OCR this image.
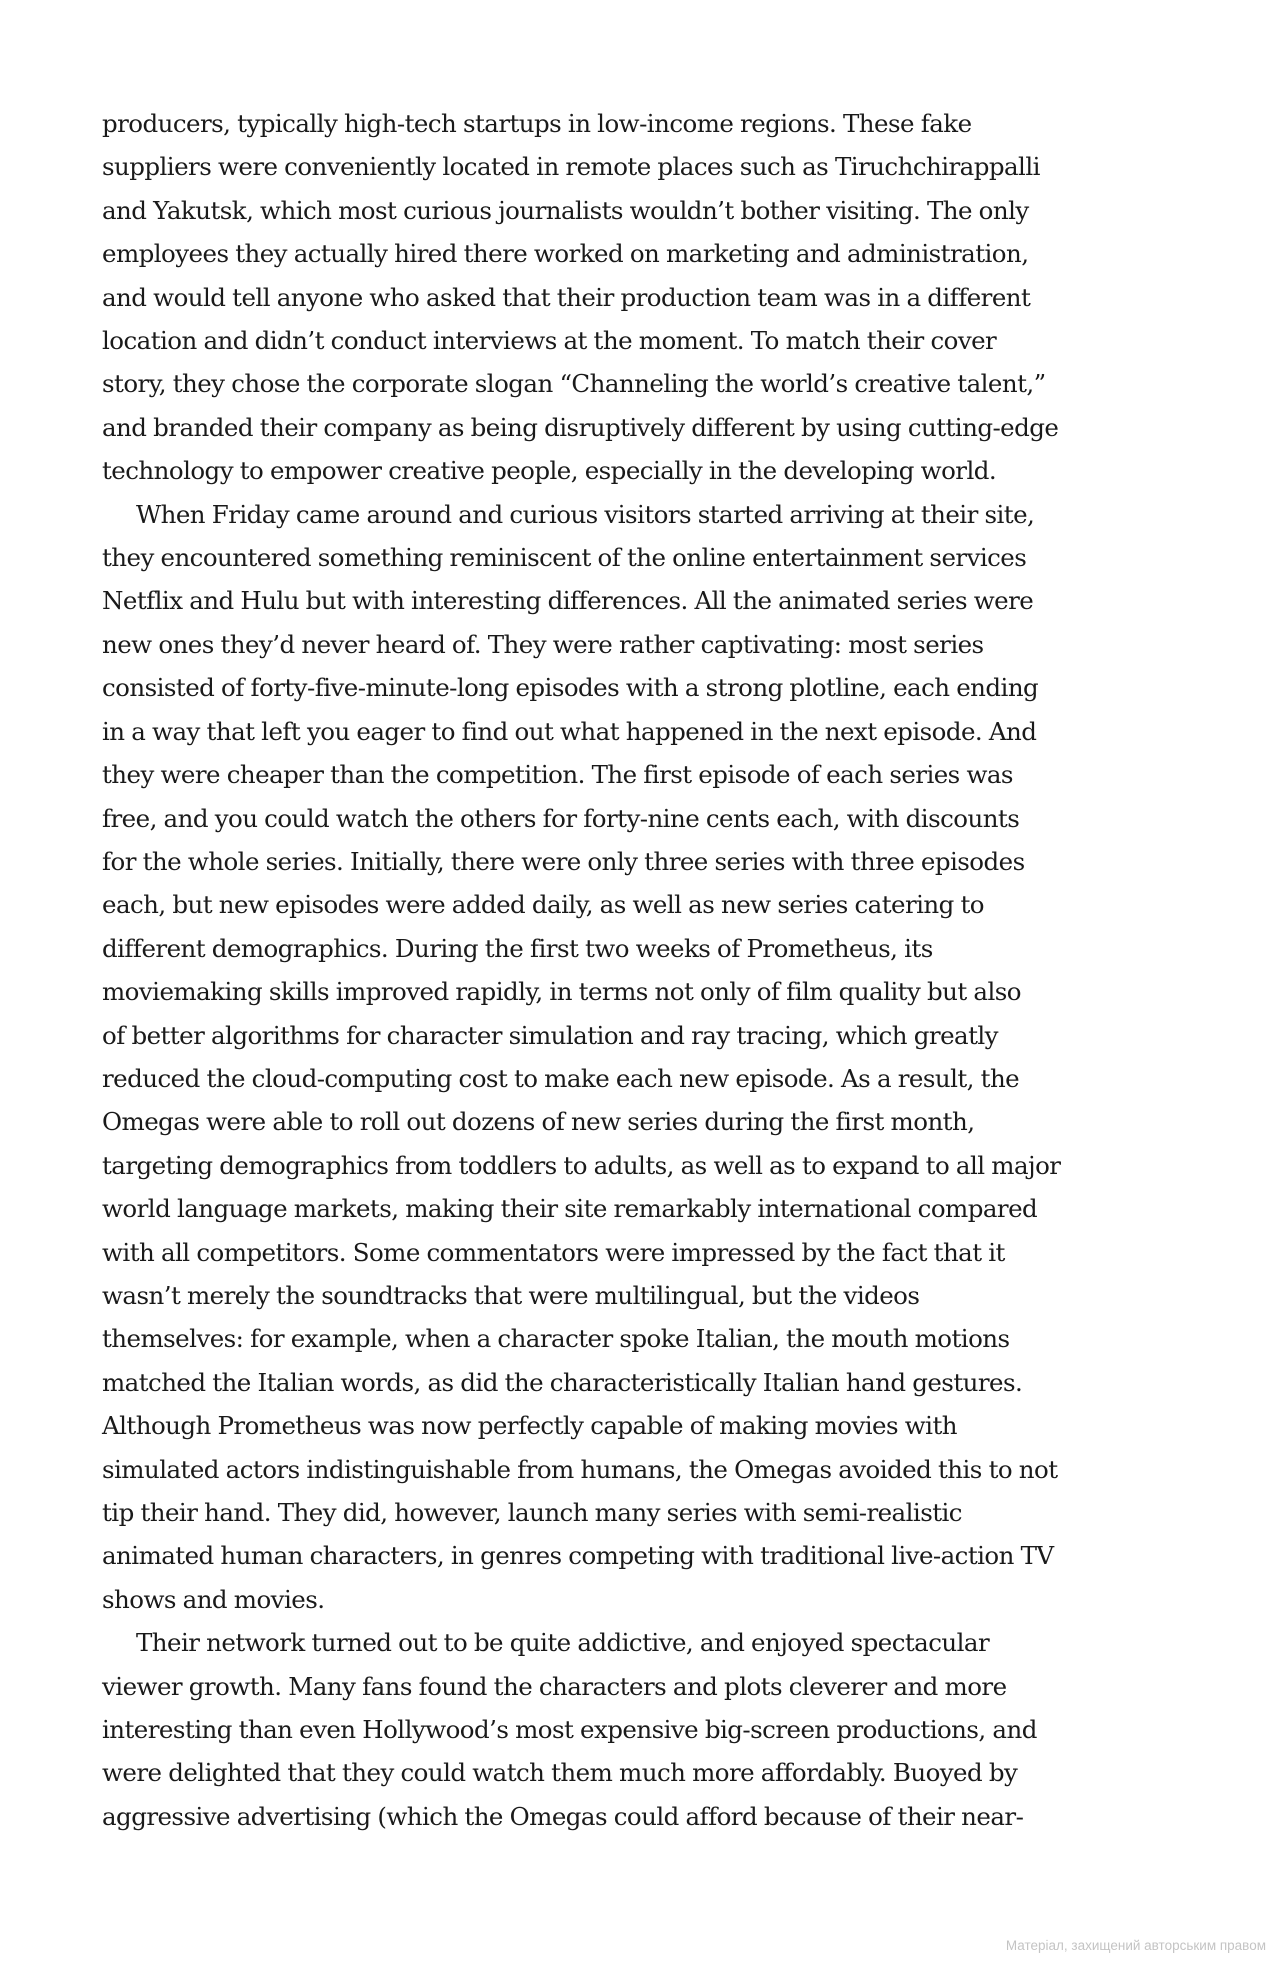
producers, typically high-tech startups in low-income regions. These fake
suppliers were conveniently located in remote places such as Tiruchchirappalli
and Yakutsk, which most curious journalists wouldn’t bother visiting. The only
employees they actually hired there worked on marketing and administration,
and would tell anyone who asked that their production team was in a different
location and didn’t conduct interviews at the moment. To match their cover
story, they chose the corporate slogan “Channeling the world’s creative talent,”
and branded their company as being disruptively different by using cutting-edge
technology to empower creative people, especially in the developing world.
When Friday came around and curious visitors started arriving at their site,
they encountered something reminiscent of the online entertainment services
Netflix and Hulu but with interesting differences. All the animated series were
new ones they’d never heard of. They were rather captivating: most series
consisted of forty-five-minute-long episodes with a strong plotline, each ending
in a way that left you eager to find out what happened in the next episode. And
they were cheaper than the competition. The first episode of each series was
free, and you could watch the others for forty-nine cents each, with discounts
for the whole series. Initially, there were only three series with three episodes
each, but new episodes were added daily, as well as new series catering to
different demographics. During the first two weeks of Prometheus, its
moviemaking skills improved rapidly, in terms not only of film quality but also
of better algorithms for character simulation and ray tracing, which greatly
reduced the cloud-computing cost to make each new episode. As a result, the
Omegas were able to roll out dozens of new series during the first month,
targeting demographics from toddlers to adults, as well as to expand to all major
world language markets, making their site remarkably international compared
with all competitors. Some commentators were impressed by the fact that it
wasn’t merely the soundtracks that were multilingual, but the videos
themselves: for example, when a character spoke Italian, the mouth motions
matched the Italian words, as did the characteristically Italian hand gestures.
Although Prometheus was now perfectly capable of making movies with
simulated actors indistinguishable from humans, the Omegas avoided this to not
tip their hand. They did, however, launch many series with semi-realistic
animated human characters, in genres competing with traditional live-action TV
shows and movies.
Their network turned out to be quite addictive, and enjoyed spectacular
viewer growth. Many fans found the characters and plots cleverer and more
interesting than even Hollywood’s most expensive big-screen productions, and
were delighted that they could watch them much more affordably. Buoyed by
aggressive advertising (which the Omegas could afford because of their near-
Матеріал, захищений авторським правом
